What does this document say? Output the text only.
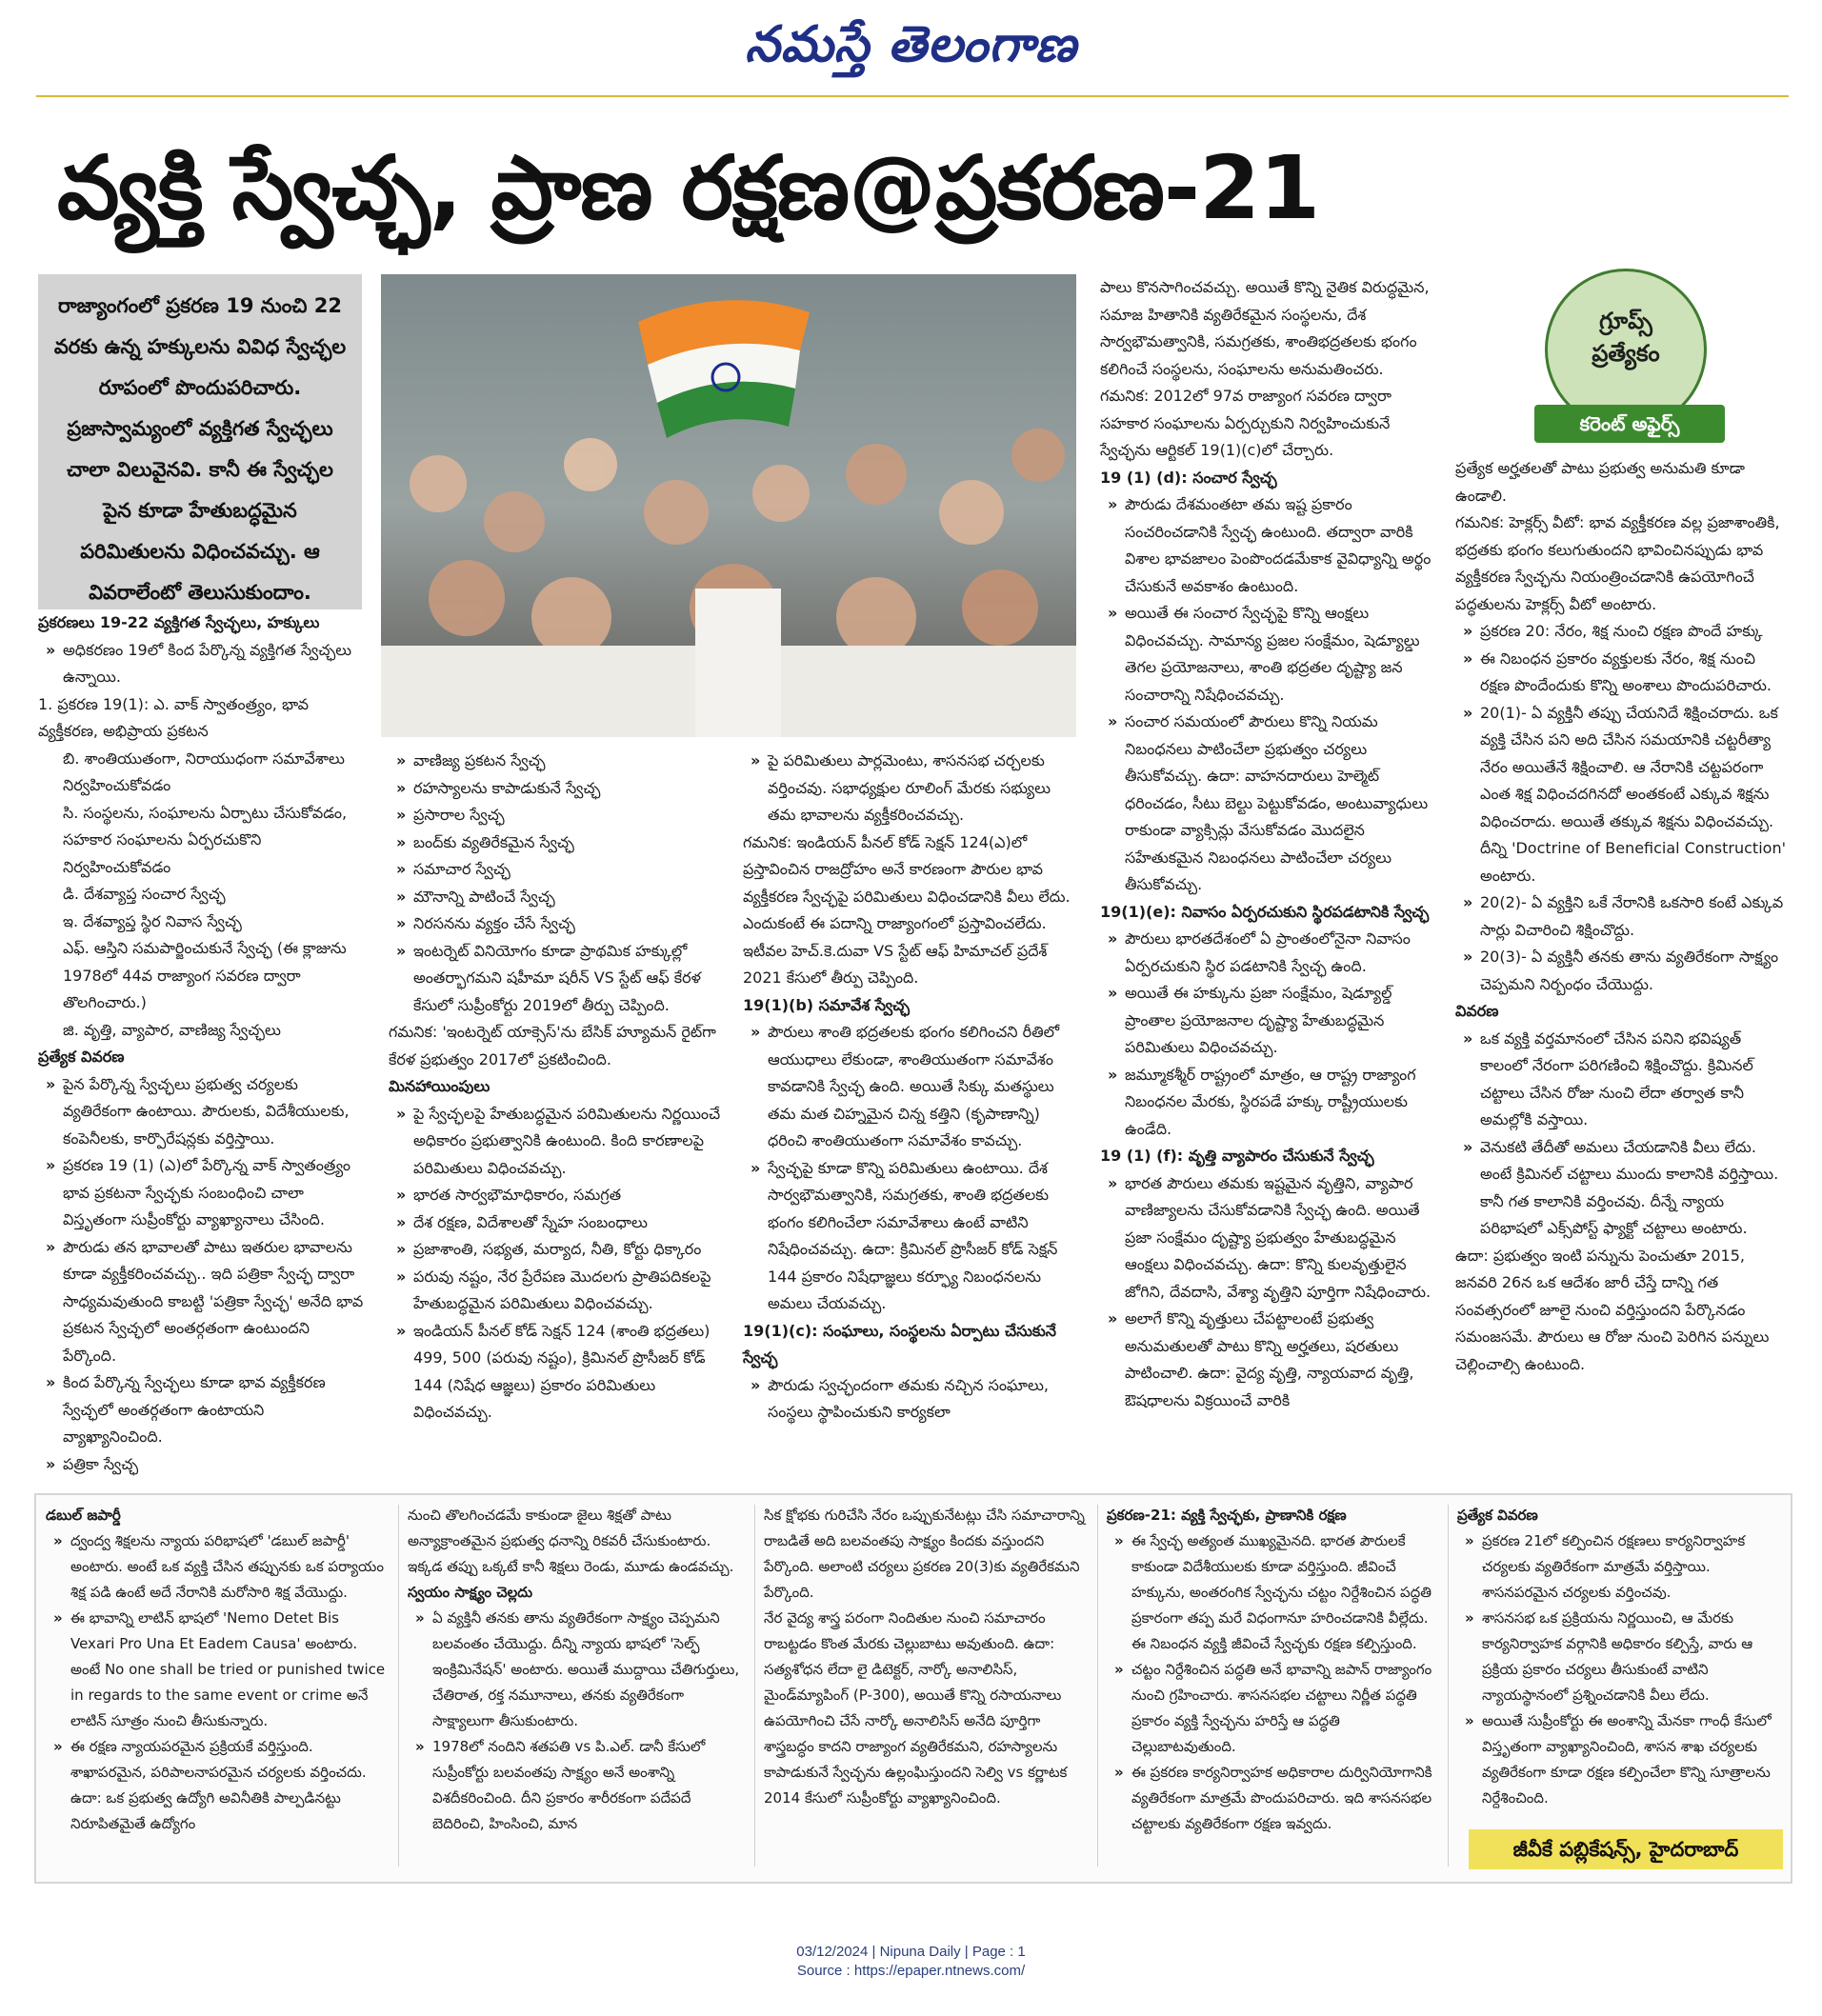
నమస్తే తెలంగాణ
వ్యక్తి స్వేచ్ఛ, ప్రాణ రక్షణ@ప్రకరణ-21

రాజ్యాంగంలో ప్రకరణ 19 నుంచి 22 వరకు ఉన్న హక్కులను వివిధ స్వేచ్ఛల రూపంలో పొందుపరిచారు. ప్రజాస్వామ్యంలో వ్యక్తిగత స్వేచ్ఛలు చాలా విలువైనవి. కానీ ఈ స్వేచ్ఛల పైన కూడా హేతుబద్ధమైన పరిమితులను విధించవచ్చు. ఆ వివరాలేంటో తెలుసుకుందాం.

గ్రూప్స్
ప్రత్యేకం
కరెంట్ అఫైర్స్
ప్రకరణలు 19-22 వ్యక్తిగత స్వేచ్ఛలు, హక్కులు
» అధికరణం 19లో కింద పేర్కొన్న వ్యక్తిగత స్వేచ్ఛలు ఉన్నాయి.
1. ప్రకరణ 19(1): ఎ. వాక్ స్వాతంత్ర్యం, భావ వ్యక్తీకరణ, అభిప్రాయ ప్రకటన
బి. శాంతియుతంగా, నిరాయుధంగా సమావేశాలు నిర్వహించుకోవడం
సి. సంస్థలను, సంఘాలను ఏర్పాటు చేసుకోవడం, సహకార సంఘాలను ఏర్పరచుకొని నిర్వహించుకోవడం
డి. దేశవ్యాప్త సంచార స్వేచ్ఛ
ఇ. దేశవ్యాప్త స్థిర నివాస స్వేచ్ఛ
ఎఫ్. ఆస్తిని సమపార్జించుకునే స్వేచ్ఛ (ఈ క్లాజును 1978లో 44వ రాజ్యాంగ సవరణ ద్వారా తొలగించారు.)
జి. వృత్తి, వ్యాపార, వాణిజ్య స్వేచ్ఛలు
ప్రత్యేక వివరణ
» పైన పేర్కొన్న స్వేచ్ఛలు ప్రభుత్వ చర్యలకు వ్యతిరేకంగా ఉంటాయి. పౌరులకు, విదేశీయులకు, కంపెనీలకు, కార్పొరేషన్లకు వర్తిస్తాయి.
» ప్రకరణ 19 (1) (ఎ)లో పేర్కొన్న వాక్ స్వాతంత్ర్యం భావ ప్రకటనా స్వేచ్ఛకు సంబంధించి చాలా విస్తృతంగా సుప్రీంకోర్టు వ్యాఖ్యానాలు చేసింది.
» పౌరుడు తన భావాలతో పాటు ఇతరుల భావాలను కూడా వ్యక్తీకరించవచ్చు.. ఇది పత్రికా స్వేచ్ఛ ద్వారా సాధ్యమవుతుంది కాబట్టి 'పత్రికా స్వేచ్ఛ' అనేది భావ ప్రకటన స్వేచ్ఛలో అంతర్గతంగా ఉంటుందని పేర్కొంది.
» కింద పేర్కొన్న స్వేచ్ఛలు కూడా భావ వ్యక్తీకరణ స్వేచ్ఛలో అంతర్గతంగా ఉంటాయని వ్యాఖ్యానించింది.
» పత్రికా స్వేచ్ఛ
» వాణిజ్య ప్రకటన స్వేచ్ఛ
» రహస్యాలను కాపాడుకునే స్వేచ్ఛ
» ప్రసారాల స్వేచ్ఛ
» బంద్‌కు వ్యతిరేకమైన స్వేచ్ఛ
» సమాచార స్వేచ్ఛ
» మౌనాన్ని పాటించే స్వేచ్ఛ
» నిరసనను వ్యక్తం చేసే స్వేచ్ఛ
» ఇంటర్నెట్ వినియోగం కూడా ప్రాథమిక హక్కుల్లో అంతర్భాగమని షహీమా షరీన్ VS స్టేట్ ఆఫ్ కేరళ కేసులో సుప్రీంకోర్టు 2019లో తీర్పు చెప్పింది.
గమనిక: 'ఇంటర్నెట్ యాక్సెస్'ను బేసిక్ హ్యూమన్ రైట్‌గా కేరళ ప్రభుత్వం 2017లో ప్రకటించింది.
మినహాయింపులు
» పై స్వేచ్ఛలపై హేతుబద్ధమైన పరిమితులను నిర్ణయించే అధికారం ప్రభుత్వానికి ఉంటుంది. కింది కారణాలపై పరిమితులు విధించవచ్చు.
» భారత సార్వభౌమాధికారం, సమగ్రత
» దేశ రక్షణ, విదేశాలతో స్నేహ సంబంధాలు
» ప్రజాశాంతి, సభ్యత, మర్యాద, నీతి, కోర్టు ధిక్కారం
» పరువు నష్టం, నేర ప్రేరేపణ మొదలగు ప్రాతిపదికలపై హేతుబద్ధమైన పరిమితులు విధించవచ్చు.
» ఇండియన్ పీనల్ కోడ్ సెక్షన్ 124 (శాంతి భద్రతలు) 499, 500 (పరువు నష్టం), క్రిమినల్ ప్రొసీజర్ కోడ్ 144 (నిషేధ ఆజ్ఞలు) ప్రకారం పరిమితులు విధించవచ్చు.
» పై పరిమితులు పార్లమెంటు, శాసనసభ చర్చలకు వర్తించవు. సభాధ్యక్షుల రూలింగ్ మేరకు సభ్యులు తమ భావాలను వ్యక్తీకరించవచ్చు.
గమనిక: ఇండియన్ పీనల్ కోడ్ సెక్షన్ 124(ఎ)లో ప్రస్తావించిన రాజద్రోహం అనే కారణంగా పౌరుల భావ వ్యక్తీకరణ స్వేచ్ఛపై పరిమితులు విధించడానికి వీలు లేదు. ఎందుకంటే ఈ పదాన్ని రాజ్యాంగంలో ప్రస్తావించలేదు. ఇటీవల హెచ్.కె.దువా VS స్టేట్ ఆఫ్ హిమాచల్ ప్రదేశ్ 2021 కేసులో తీర్పు చెప్పింది.
19(1)(b) సమావేశ స్వేచ్ఛ
» పౌరులు శాంతి భద్రతలకు భంగం కలిగించని రీతిలో ఆయుధాలు లేకుండా, శాంతియుతంగా సమావేశం కావడానికి స్వేచ్ఛ ఉంది. అయితే సిక్కు మతస్థులు తమ మత చిహ్నమైన చిన్న కత్తిని (కృపాణాన్ని) ధరించి శాంతియుతంగా సమావేశం కావచ్చు.
» స్వేచ్ఛపై కూడా కొన్ని పరిమితులు ఉంటాయి. దేశ సార్వభౌమత్వానికి, సమగ్రతకు, శాంతి భద్రతలకు భంగం కలిగించేలా సమావేశాలు ఉంటే వాటిని నిషేధించవచ్చు. ఉదా: క్రిమినల్ ప్రొసీజర్ కోడ్ సెక్షన్ 144 ప్రకారం నిషేధాజ్ఞలు కర్ఫ్యూ నిబంధనలను అమలు చేయవచ్చు.
19(1)(c): సంఘాలు, సంస్థలను ఏర్పాటు చేసుకునే స్వేచ్ఛ
» పౌరుడు స్వచ్ఛందంగా తమకు నచ్చిన సంఘాలు, సంస్థలు స్థాపించుకుని కార్యకలా
పాలు కొనసాగించవచ్చు. అయితే కొన్ని నైతిక విరుద్ధమైన, సమాజ హితానికి వ్యతిరేకమైన సంస్థలను, దేశ సార్వభౌమత్వానికి, సమగ్రతకు, శాంతిభద్రతలకు భంగం కలిగించే సంస్థలను, సంఘాలను అనుమతించరు.
గమనిక: 2012లో 97వ రాజ్యాంగ సవరణ ద్వారా సహకార సంఘాలను ఏర్పర్చుకుని నిర్వహించుకునే స్వేచ్ఛను ఆర్టికల్ 19(1)(c)లో చేర్చారు.
19 (1) (d): సంచార స్వేచ్ఛ
» పౌరుడు దేశమంతటా తమ ఇష్ట ప్రకారం సంచరించడానికి స్వేచ్ఛ ఉంటుంది. తద్వారా వారికి విశాల భావజాలం పెంపొందడమేకాక వైవిధ్యాన్ని అర్థం చేసుకునే అవకాశం ఉంటుంది.
» అయితే ఈ సంచార స్వేచ్ఛపై కొన్ని ఆంక్షలు విధించవచ్చు. సామాన్య ప్రజల సంక్షేమం, షెడ్యూల్డు తెగల ప్రయోజనాలు, శాంతి భద్రతల దృష్ట్యా జన సంచారాన్ని నిషేధించవచ్చు.
» సంచార సమయంలో పౌరులు కొన్ని నియమ నిబంధనలు పాటించేలా ప్రభుత్వం చర్యలు తీసుకోవచ్చు. ఉదా: వాహనదారులు హెల్మెట్ ధరించడం, సీటు బెల్టు పెట్టుకోవడం, అంటువ్యాధులు రాకుండా వ్యాక్సిన్లు వేసుకోవడం మొదలైన సహేతుకమైన నిబంధనలు పాటించేలా చర్యలు తీసుకోవచ్చు.
19(1)(e): నివాసం ఏర్పరచుకుని స్థిరపడటానికి స్వేచ్ఛ
» పౌరులు భారతదేశంలో ఏ ప్రాంతంలోనైనా నివాసం ఏర్పరచుకుని స్థిర పడటానికి స్వేచ్ఛ ఉంది.
» అయితే ఈ హక్కును ప్రజా సంక్షేమం, షెడ్యూల్డ్ ప్రాంతాల ప్రయోజనాల దృష్ట్యా హేతుబద్ధమైన పరిమితులు విధించవచ్చు.
» జమ్మూకశ్మీర్ రాష్ట్రంలో మాత్రం, ఆ రాష్ట్ర రాజ్యాంగ నిబంధనల మేరకు, స్థిరపడే హక్కు రాష్ట్రీయులకు ఉండేది.
19 (1) (f): వృత్తి వ్యాపారం చేసుకునే స్వేచ్ఛ
» భారత పౌరులు తమకు ఇష్టమైన వృత్తిని, వ్యాపార వాణిజ్యాలను చేసుకోవడానికి స్వేచ్ఛ ఉంది. అయితే ప్రజా సంక్షేమం దృష్ట్యా ప్రభుత్వం హేతుబద్ధమైన ఆంక్షలు విధించవచ్చు. ఉదా: కొన్ని కులవృత్తులైన జోగిని, దేవదాసి, వేశ్యా వృత్తిని పూర్తిగా నిషేధించారు.
» అలాగే కొన్ని వృత్తులు చేపట్టాలంటే ప్రభుత్వ అనుమతులతో పాటు కొన్ని అర్హతలు, షరతులు పాటించాలి. ఉదా: వైద్య వృత్తి, న్యాయవాద వృత్తి, ఔషధాలను విక్రయించే వారికి
ప్రత్యేక అర్హతలతో పాటు ప్రభుత్వ అనుమతి కూడా ఉండాలి.
గమనిక: హెక్లర్స్ వీటో: భావ వ్యక్తీకరణ వల్ల ప్రజాశాంతికి, భద్రతకు భంగం కలుగుతుందని భావించినప్పుడు భావ వ్యక్తీకరణ స్వేచ్ఛను నియంత్రించడానికి ఉపయోగించే పద్ధతులను హెక్లర్స్ వీటో అంటారు.
» ప్రకరణ 20: నేరం, శిక్ష నుంచి రక్షణ పొందే హక్కు
» ఈ నిబంధన ప్రకారం వ్యక్తులకు నేరం, శిక్ష నుంచి రక్షణ పొందేందుకు కొన్ని అంశాలు పొందుపరిచారు.
» 20(1)- ఏ వ్యక్తినీ తప్పు చేయనిదే శిక్షించరాదు. ఒక వ్యక్తి చేసిన పని అది చేసిన సమయానికి చట్టరీత్యా నేరం అయితేనే శిక్షించాలి. ఆ నేరానికి చట్టపరంగా ఎంత శిక్ష విధించదగినదో అంతకంటే ఎక్కువ శిక్షను విధించరాదు. అయితే తక్కువ శిక్షను విధించవచ్చు. దీన్ని 'Doctrine of Beneficial Construction' అంటారు.
» 20(2)- ఏ వ్యక్తిని ఒకే నేరానికి ఒకసారి కంటే ఎక్కువ సార్లు విచారించి శిక్షించొద్దు.
» 20(3)- ఏ వ్యక్తినీ తనకు తాను వ్యతిరేకంగా సాక్ష్యం చెప్పమని నిర్బంధం చేయొద్దు.
వివరణ
» ఒక వ్యక్తి వర్తమానంలో చేసిన పనిని భవిష్యత్ కాలంలో నేరంగా పరిగణించి శిక్షించొద్దు. క్రిమినల్ చట్టాలు చేసిన రోజు నుంచి లేదా తర్వాత కానీ అమల్లోకి వస్తాయి.
» వెనుకటి తేదీతో అమలు చేయడానికి వీలు లేదు. అంటే క్రిమినల్ చట్టాలు ముందు కాలానికి వర్తిస్తాయి. కానీ గత కాలానికి వర్తించవు. దీన్నే న్యాయ పరిభాషలో ఎక్స్‌పోస్ట్ ఫ్యాక్టో చట్టాలు అంటారు.
ఉదా: ప్రభుత్వం ఇంటి పన్నును పెంచుతూ 2015, జనవరి 26న ఒక ఆదేశం జారీ చేస్తే దాన్ని గత సంవత్సరంలో జూలై నుంచి వర్తిస్తుందని పేర్కొనడం సమంజసమే. పౌరులు ఆ రోజు నుంచి పెరిగిన పన్నులు చెల్లించాల్సి ఉంటుంది.
డబుల్ జపార్డీ
» ద్వంద్వ శిక్షలను న్యాయ పరిభాషలో 'డబుల్ జపార్డీ' అంటారు. అంటే ఒక వ్యక్తి చేసిన తప్పునకు ఒక పర్యాయం శిక్ష పడి ఉంటే అదే నేరానికి మరోసారి శిక్ష వేయొద్దు.
» ఈ భావాన్ని లాటిన్ భాషలో 'Nemo Detet Bis Vexari Pro Una Et Eadem Causa' అంటారు. అంటే No one shall be tried or punished twice in regards to the same event or crime అనే లాటిన్ సూత్రం నుంచి తీసుకున్నారు.
» ఈ రక్షణ న్యాయపరమైన ప్రక్రియకే వర్తిస్తుంది. శాఖాపరమైన, పరిపాలనాపరమైన చర్యలకు వర్తించదు. ఉదా: ఒక ప్రభుత్వ ఉద్యోగి అవినీతికి పాల్పడినట్టు నిరూపితమైతే ఉద్యోగం
నుంచి తొలగించడమే కాకుండా జైలు శిక్షతో పాటు అన్యాక్రాంతమైన ప్రభుత్వ ధనాన్ని రికవరీ చేసుకుంటారు. ఇక్కడ తప్పు ఒక్కటే కానీ శిక్షలు రెండు, మూడు ఉండవచ్చు.
స్వయం సాక్ష్యం చెల్లదు
» ఏ వ్యక్తినీ తనకు తాను వ్యతిరేకంగా సాక్ష్యం చెప్పమని బలవంతం చేయొద్దు. దీన్ని న్యాయ భాషలో 'సెల్ఫ్ ఇంక్రిమినేషన్' అంటారు. అయితే ముద్దాయి చేతిగుర్తులు, చేతిరాత, రక్త నమూనాలు, తనకు వ్యతిరేకంగా సాక్ష్యాలుగా తీసుకుంటారు.
» 1978లో నందిని శతపతి vs పి.ఎల్. డానీ కేసులో సుప్రీంకోర్టు బలవంతపు సాక్ష్యం అనే అంశాన్ని విశదీకరించింది. దీని ప్రకారం శారీరకంగా పదేపదే బెదిరించి, హింసించి, మాన
సిక క్షోభకు గురిచేసి నేరం ఒప్పుకునేటట్లు చేసి సమాచారాన్ని రాబడితే అది బలవంతపు సాక్ష్యం కిందకు వస్తుందని పేర్కొంది. అలాంటి చర్యలు ప్రకరణ 20(3)కు వ్యతిరేకమని పేర్కొంది.
నేర వైద్య శాస్త్ర పరంగా నిందితుల నుంచి సమాచారం రాబట్టడం కొంత మేరకు చెల్లుబాటు అవుతుంది. ఉదా: సత్యశోధన లేదా లై డిటెక్టర్, నార్కో అనాలిసిస్, మైండ్‌మ్యాపింగ్ (P-300), అయితే కొన్ని రసాయనాలు ఉపయోగించి చేసే నార్కో అనాలిసిస్ అనేది పూర్తిగా శాస్త్రబద్ధం కాదని రాజ్యాంగ వ్యతిరేకమని, రహస్యాలను కాపాడుకునే స్వేచ్ఛను ఉల్లంఘిస్తుందని సెల్వి vs కర్ణాటక 2014 కేసులో సుప్రీంకోర్టు వ్యాఖ్యానించింది.
ప్రకరణ-21: వ్యక్తి స్వేచ్ఛకు, ప్రాణానికి రక్షణ
» ఈ స్వేచ్ఛ అత్యంత ముఖ్యమైనది. భారత పౌరులకే కాకుండా విదేశీయులకు కూడా వర్తిస్తుంది. జీవించే హక్కును, అంతరంగిక స్వేచ్ఛను చట్టం నిర్దేశించిన పద్ధతి ప్రకారంగా తప్ప మరే విధంగానూ హరించడానికి వీల్లేదు. ఈ నిబంధన వ్యక్తి జీవించే స్వేచ్ఛకు రక్షణ కల్పిస్తుంది.
» చట్టం నిర్దేశించిన పద్ధతి అనే భావాన్ని జపాన్ రాజ్యాంగం నుంచి గ్రహించారు. శాసనసభల చట్టాలు నిర్ణీత పద్ధతి ప్రకారం వ్యక్తి స్వేచ్ఛను హరిస్తే ఆ పద్ధతి చెల్లుబాటవుతుంది.
» ఈ ప్రకరణ కార్యనిర్వాహక అధికారాల దుర్వినియోగానికి వ్యతిరేకంగా మాత్రమే పొందుపరిచారు. ఇది శాసనసభల చట్టాలకు వ్యతిరేకంగా రక్షణ ఇవ్వదు.
ప్రత్యేక వివరణ
» ప్రకరణ 21లో కల్పించిన రక్షణలు కార్యనిర్వాహక చర్యలకు వ్యతిరేకంగా మాత్రమే వర్తిస్తాయి. శాసనపరమైన చర్యలకు వర్తించవు.
» శాసనసభ ఒక ప్రక్రియను నిర్ణయించి, ఆ మేరకు కార్యనిర్వాహక వర్గానికి అధికారం కల్పిస్తే, వారు ఆ ప్రక్రియ ప్రకారం చర్యలు తీసుకుంటే వాటిని న్యాయస్థానంలో ప్రశ్నించడానికి వీలు లేదు.
» అయితే సుప్రీంకోర్టు ఈ అంశాన్ని మేనకా గాంధీ కేసులో విస్తృతంగా వ్యాఖ్యానించింది, శాసన శాఖ చర్యలకు వ్యతిరేకంగా కూడా రక్షణ కల్పించేలా కొన్ని సూత్రాలను నిర్దేశించింది.
జీవీకే పబ్లికేషన్స్, హైదరాబాద్
03/12/2024 | Nipuna Daily | Page : 1
Source : https://epaper.ntnews.com/
